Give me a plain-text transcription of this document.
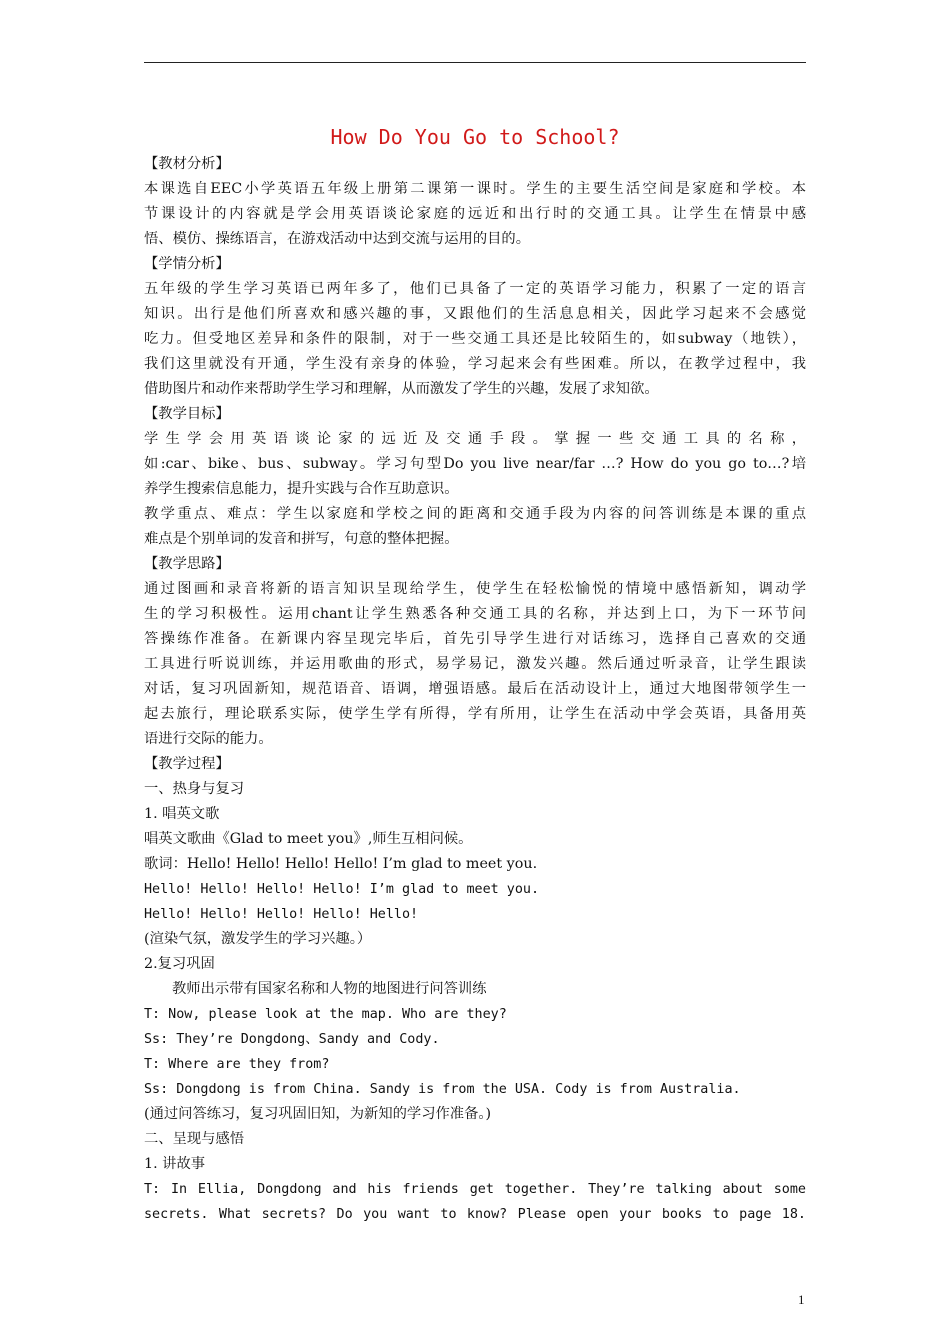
How Do You Go to School?
【教材分析】
本课选自EEC小学英语五年级上册第二课第一课时。学生的主要生活空间是家庭和学校。本
节课设计的内容就是学会用英语谈论家庭的远近和出行时的交通工具。让学生在情景中感
悟、模仿、操练语言，在游戏活动中达到交流与运用的目的。
【学情分析】
五年级的学生学习英语已两年多了，他们已具备了一定的英语学习能力，积累了一定的语言
知识。出行是他们所喜欢和感兴趣的事，又跟他们的生活息息相关，因此学习起来不会感觉
吃力。但受地区差异和条件的限制，对于一些交通工具还是比较陌生的，如subway（地铁），
我们这里就没有开通，学生没有亲身的体验，学习起来会有些困难。所以，在教学过程中，我
借助图片和动作来帮助学生学习和理解，从而激发了学生的兴趣，发展了求知欲。
【教学目标】
学生学会用英语谈论家的远近及交通手段。掌握一些交通工具的名称，
如:car、bike、bus、subway。学习句型Do you live near/far …? How do you go to…?培
养学生搜索信息能力，提升实践与合作互助意识。
教学重点、难点：学生以家庭和学校之间的距离和交通手段为内容的问答训练是本课的重点
难点是个别单词的发音和拼写，句意的整体把握。
【教学思路】
通过图画和录音将新的语言知识呈现给学生，使学生在轻松愉悦的情境中感悟新知，调动学
生的学习积极性。运用chant让学生熟悉各种交通工具的名称，并达到上口，为下一环节问
答操练作准备。在新课内容呈现完毕后，首先引导学生进行对话练习，选择自己喜欢的交通
工具进行听说训练，并运用歌曲的形式，易学易记，激发兴趣。然后通过听录音，让学生跟读
对话，复习巩固新知，规范语音、语调，增强语感。最后在活动设计上，通过大地图带领学生一
起去旅行，理论联系实际，使学生学有所得，学有所用，让学生在活动中学会英语，具备用英
语进行交际的能力。
【教学过程】
一、热身与复习
1. 唱英文歌
唱英文歌曲《Glad to meet you》,师生互相问候。
歌词：Hello! Hello! Hello! Hello! I’m glad to meet you.
Hello! Hello! Hello! Hello! I’m glad to meet you.
Hello! Hello! Hello! Hello! Hello!
(渲染气氛，激发学生的学习兴趣。）
2.复习巩固
教师出示带有国家名称和人物的地图进行问答训练
T: Now, please look at the map. Who are they?
Ss: They’re Dongdong、Sandy and Cody.
T: Where are they from?
Ss: Dongdong is from China. Sandy is from the USA. Cody is from Australia.
(通过问答练习，复习巩固旧知，为新知的学习作准备。)
二、呈现与感悟
1. 讲故事
T: In Ellia, Dongdong and his friends get together. They’re talking about some
secrets. What secrets? Do you want to know? Please open your books to page 18.
1
